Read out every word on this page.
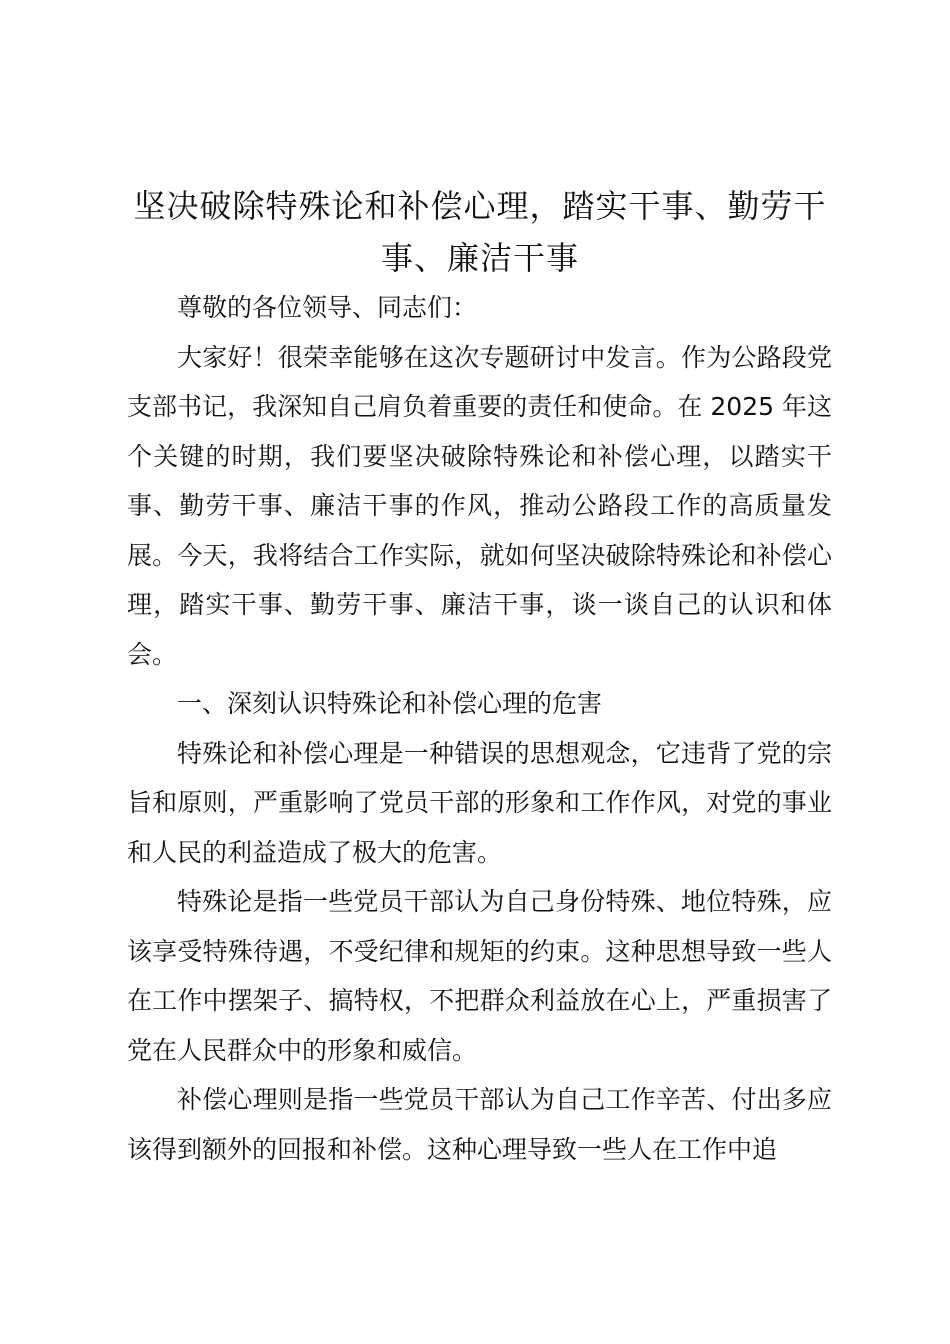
坚决破除特殊论和补偿心理，踏实干事、勤劳干事、廉洁干事

尊敬的各位领导、同志们：

大家好！很荣幸能够在这次专题研讨中发言。作为公路段党支部书记，我深知自己肩负着重要的责任和使命。在 2025 年这个关键的时期，我们要坚决破除特殊论和补偿心理，以踏实干事、勤劳干事、廉洁干事的作风，推动公路段工作的高质量发展。今天，我将结合工作实际，就如何坚决破除特殊论和补偿心理，踏实干事、勤劳干事、廉洁干事，谈一谈自己的认识和体会。

一、深刻认识特殊论和补偿心理的危害

特殊论和补偿心理是一种错误的思想观念，它违背了党的宗旨和原则，严重影响了党员干部的形象和工作作风，对党的事业和人民的利益造成了极大的危害。

特殊论是指一些党员干部认为自己身份特殊、地位特殊，应该享受特殊待遇，不受纪律和规矩的约束。这种思想导致一些人在工作中摆架子、搞特权，不把群众利益放在心上，严重损害了党在人民群众中的形象和威信。

补偿心理则是指一些党员干部认为自己工作辛苦、付出多应该得到额外的回报和补偿。这种心理导致一些人在工作中追
